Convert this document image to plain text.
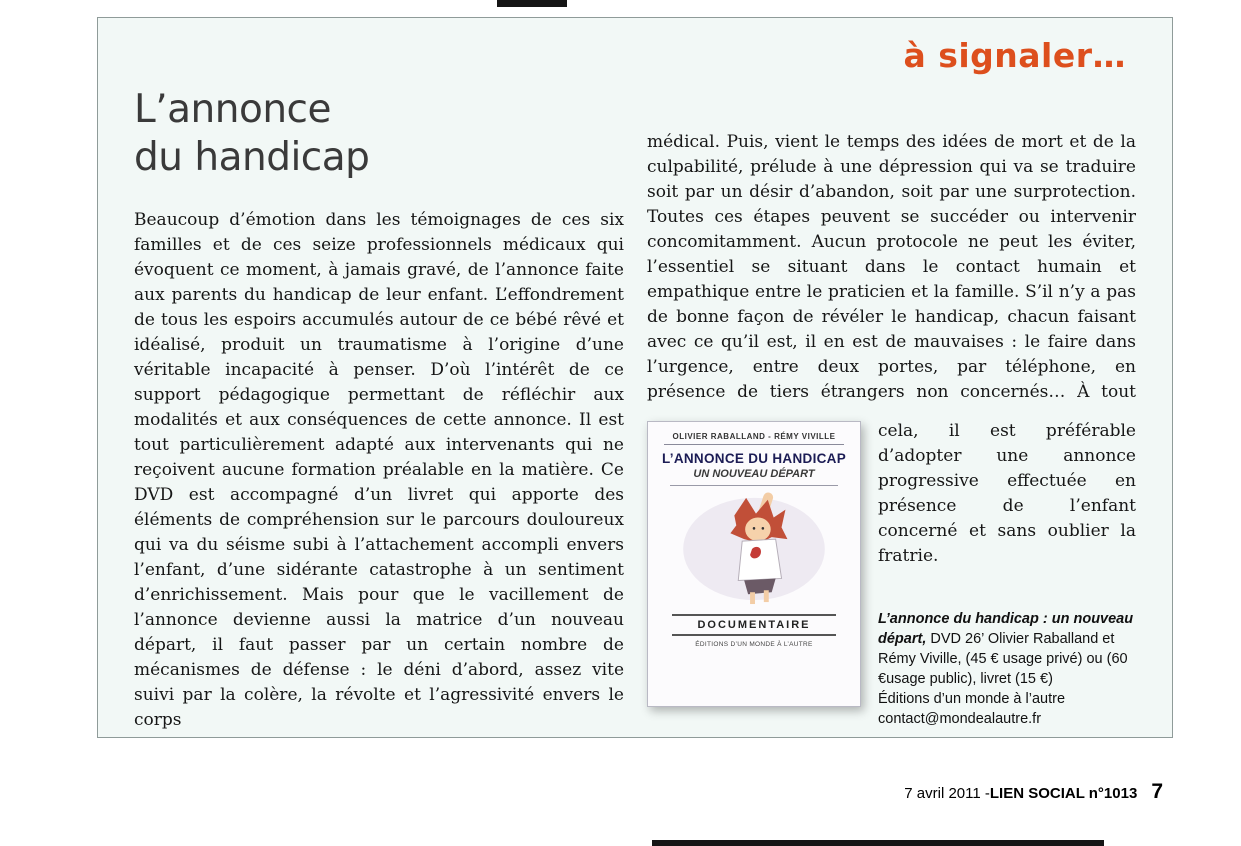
à signaler…
L’annonce
du handicap
Beaucoup d’émotion dans les témoignages de ces six familles et de ces seize professionnels médicaux qui évoquent ce moment, à jamais gravé, de l’annonce faite aux parents du handicap de leur enfant. L’effondrement de tous les espoirs accumulés autour de ce bébé rêvé et idéalisé, produit un traumatisme à l’origine d’une véritable incapacité à penser. D’où l’intérêt de ce support pédagogique permettant de réfléchir aux modalités et aux conséquences de cette annonce. Il est tout particulièrement adapté aux intervenants qui ne reçoivent aucune formation préalable en la matière. Ce DVD est accompagné d’un livret qui apporte des éléments de compréhension sur le parcours douloureux qui va du séisme subi à l’attachement accompli envers l’enfant, d’une sidérante catastrophe à un sentiment d’enrichissement. Mais pour que le vacillement de l’annonce devienne aussi la matrice d’un nouveau départ, il faut passer par un certain nombre de mécanismes de défense : le déni d’abord, assez vite suivi par la colère, la révolte et l’agressivité envers le corps

médical. Puis, vient le temps des idées de mort et de la culpabilité, prélude à une dépression qui va se traduire soit par un désir d’abandon, soit par une surprotection. Toutes ces étapes peuvent se succéder ou intervenir concomitamment. Aucun protocole ne peut les éviter, l’essentiel se situant dans le contact humain et empathique entre le praticien et la famille. S’il n’y a pas de bonne façon de révéler le handicap, chacun faisant avec ce qu’il est, il en est de mauvaises : le faire dans l’urgence, entre deux portes, par téléphone, en présence de tiers étrangers non concernés… À tout

OLIVIER RABALLAND - RÉMY VIVILLE
L’ANNONCE DU HANDICAP
UN NOUVEAU DÉPART
DOCUMENTAIRE
ÉDITIONS D’UN MONDE À L’AUTRE

cela, il est préférable d’adopter une annonce progressive effectuée en présence de l’enfant concerné et sans oublier la fratrie.

L’annonce du handicap : un nouveau départ, DVD 26’ Olivier Raballand et Rémy Viville, (45 € usage privé) ou (60 €usage public), livret (15 €)
Éditions d’un monde à l’autre
contact@mondealautre.fr
7 avril 2011 - LIEN SOCIAL n°1013 7
